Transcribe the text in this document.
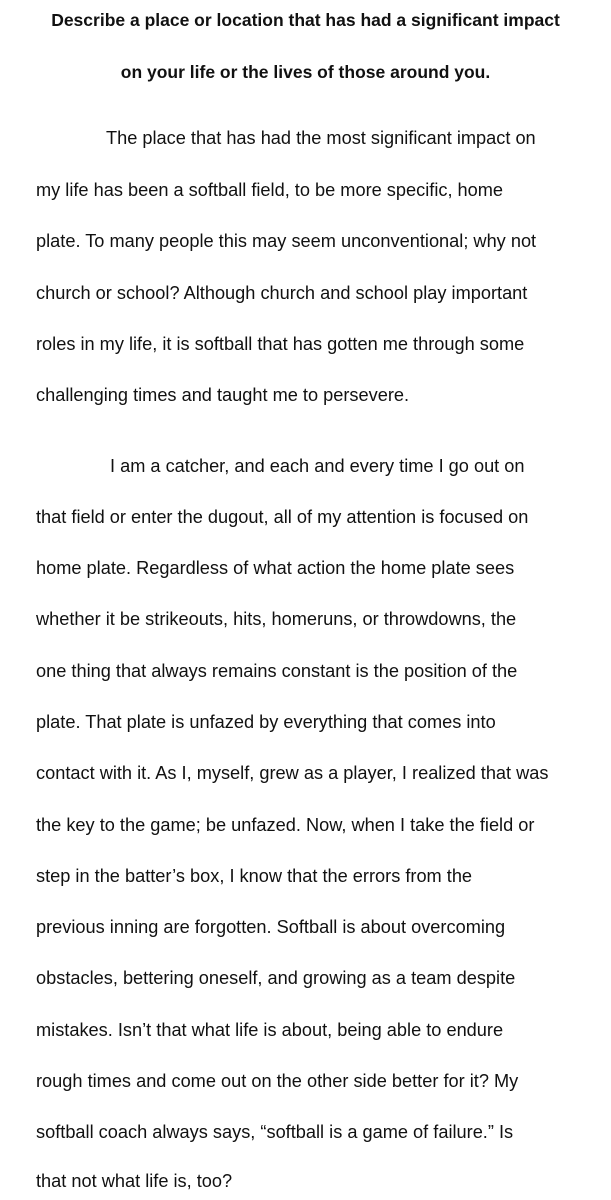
Describe a place or location that has had a significant impact
on your life or the lives of those around you.
The place that has had the most significant impact on
my life has been a softball field, to be more specific, home
plate. To many people this may seem unconventional; why not
church or school? Although church and school play important
roles in my life, it is softball that has gotten me through some
challenging times and taught me to persevere.
I am a catcher, and each and every time I go out on
that field or enter the dugout, all of my attention is focused on
home plate. Regardless of what action the home plate sees
whether it be strikeouts, hits, homeruns, or throwdowns, the
one thing that always remains constant is the position of the
plate. That plate is unfazed by everything that comes into
contact with it. As I, myself, grew as a player, I realized that was
the key to the game; be unfazed. Now, when I take the field or
step in the batter’s box, I know that the errors from the
previous inning are forgotten. Softball is about overcoming
obstacles, bettering oneself, and growing as a team despite
mistakes. Isn’t that what life is about, being able to endure
rough times and come out on the other side better for it? My
softball coach always says, “softball is a game of failure.” Is
that not what life is, too?
